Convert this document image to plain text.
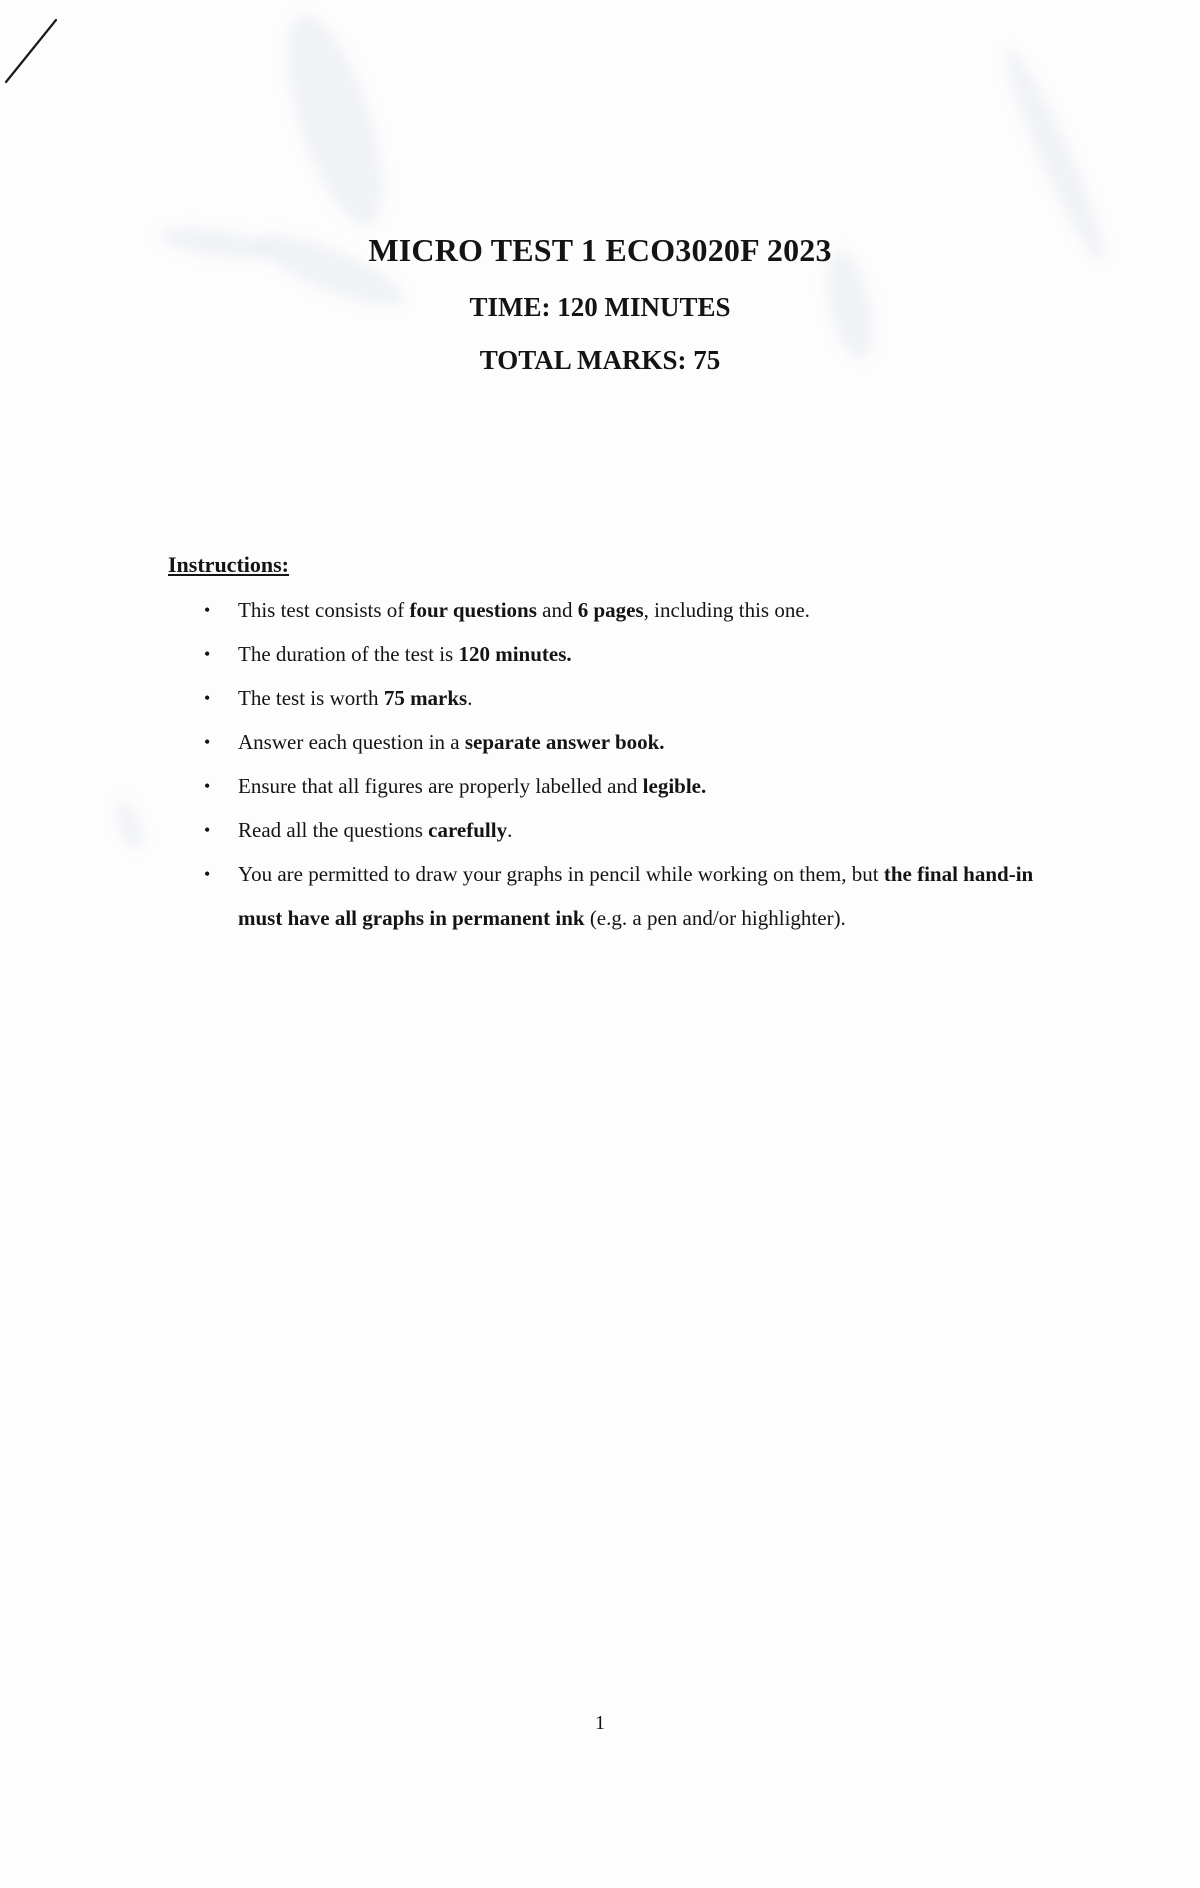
MICRO TEST 1 ECO3020F 2023
TIME: 120 MINUTES
TOTAL MARKS: 75
Instructions:
• This test consists of four questions and 6 pages, including this one.
• The duration of the test is 120 minutes.
• The test is worth 75 marks.
• Answer each question in a separate answer book.
• Ensure that all figures are properly labelled and legible.
• Read all the questions carefully.
• You are permitted to draw your graphs in pencil while working on them, but the final hand-in must have all graphs in permanent ink (e.g. a pen and/or highlighter).
1
